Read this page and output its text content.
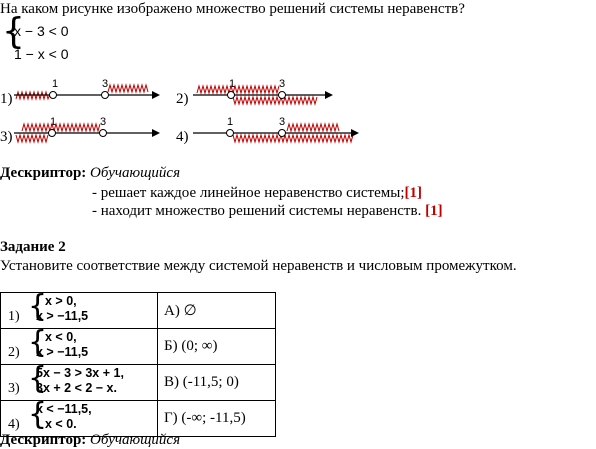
На каком рисунке изображено множество решений системы неравенств?
{
x − 3 < 0
1 − x < 0
1)
1	3
2)
1	3
3)
1	3
4)
1	3
Дескриптор: Обучающийся
- решает каждое линейное неравенство системы;[1]
- находит множество решений системы неравенств. [1]
Задание 2
Установите соответствие между системой неравенств и числовым промежутком.
1) {
x > 0,
x > −11,5	А) ∅

2) {
x < 0,
x > −11,5	Б) (0; ∞)

3) {
5x − 3 > 3x + 1,
3x + 2 < 2 − x.	В) (-11,5; 0)

4) {
x < −11,5,
x < 0.	Г) (-∞; -11,5)
Дескриптор: Обучающийся
